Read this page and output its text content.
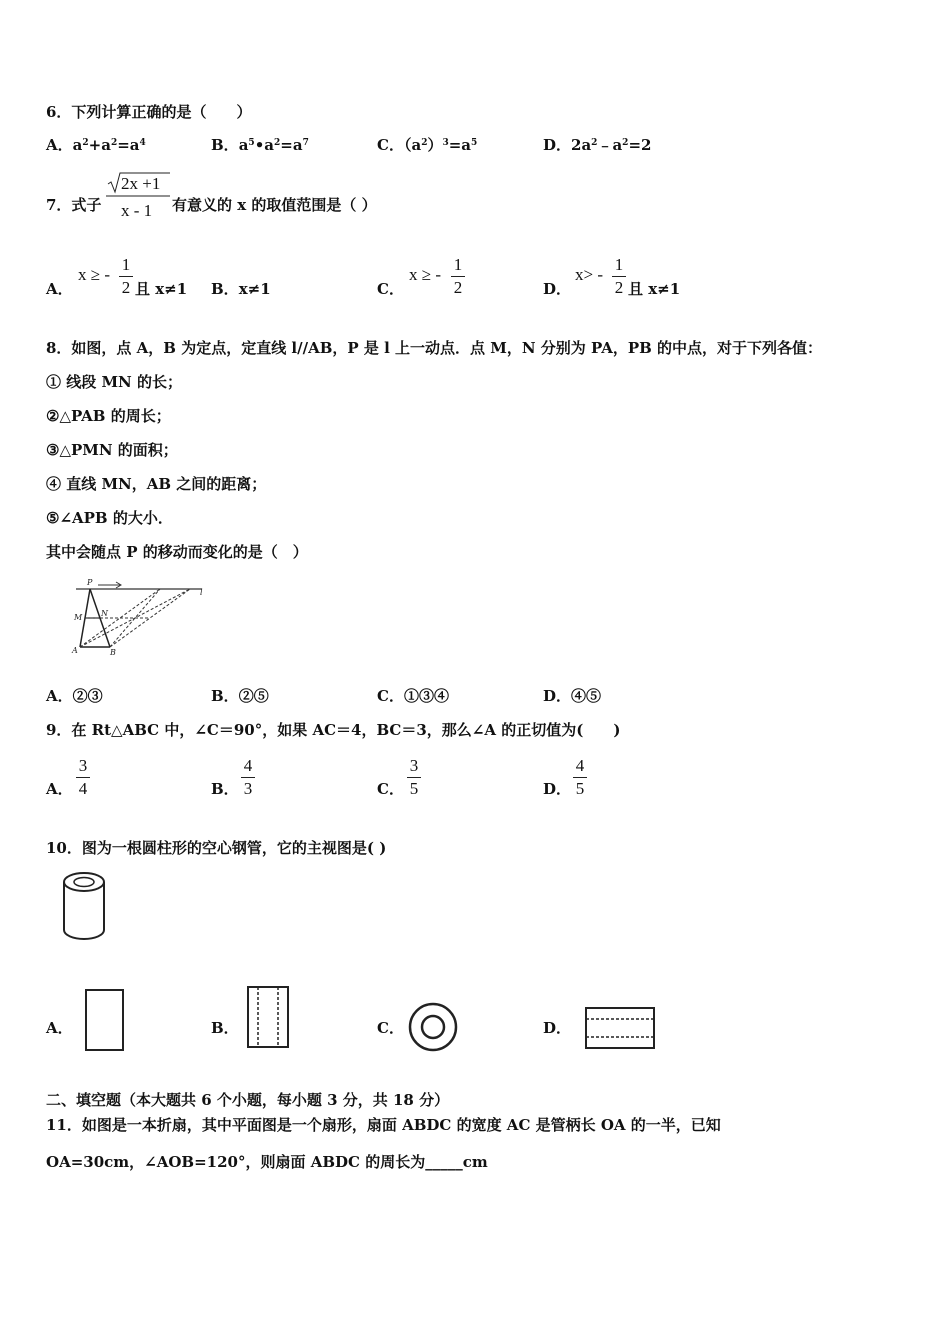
6．下列计算正确的是（　　）
A．$a^2+a^2=a^4$	B．$a^5•a^2=a^7$	C．$(a^2)^3=a^5$	D．$2a^2﹣a^2=2$
7．式子
2x +1
x - 1 有意义的 x 的取值范围是（ ）
A．
x ≥ -
1
2 且 x≠1 B．x≠1	C．
x ≥ -
1
2	D．
x> -
1
2 且 x≠1
8．如图，点 A，B 为定点，定直线 l//AB，P 是 l 上一动点．点 M，N 分别为 PA，PB 的中点，对于下列各值：
① 线段 MN 的长；
②△PAB 的周长；
③△PMN 的面积；
④ 直线 MN，AB 之间的距离；
⑤∠APB 的大小．
其中会随点 P 的移动而变化的是（　）
P
l
M N
A	B
A．②③	B．②⑤	C．①③④	D．④⑤
9．在 Rt△ABC 中，∠C＝90°，如果 AC＝4，BC＝3，那么∠A 的正切值为(　　)
A．
3
4	B．
4
3	C．
3
5	D．
4
5
10．图为一根圆柱形的空心钢管，它的主视图是( )
A．	B．	C．	D．
二、填空题（本大题共 6 个小题，每小题 3 分，共 18 分）
11．如图是一本折扇，其中平面图是一个扇形，扇面 ABDC 的宽度 AC 是管柄长 OA 的一半，已知
OA=30cm，∠AOB=120°，则扇面 ABDC 的周长为_____cm
